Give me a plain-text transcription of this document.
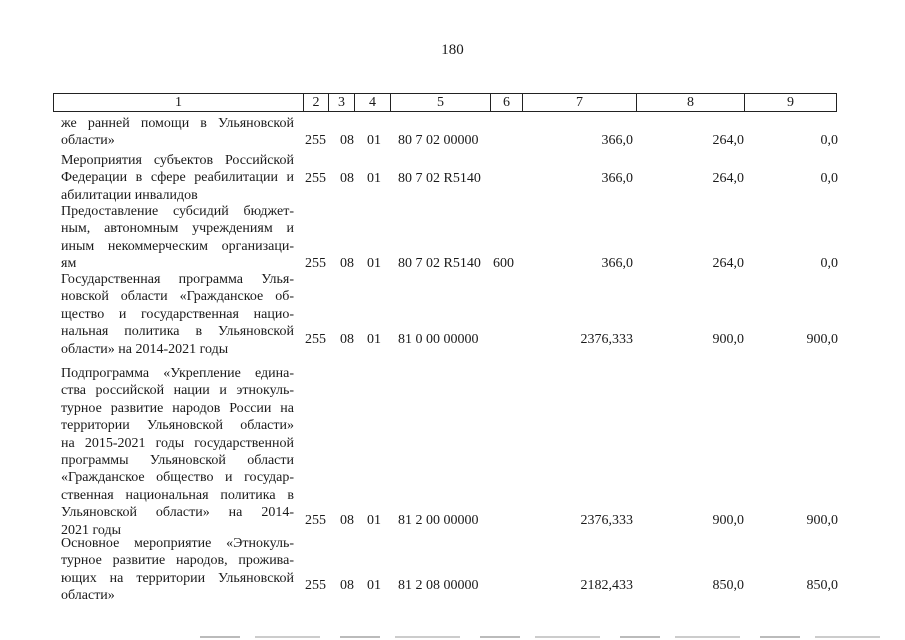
180
1	2	3	4	5	6	7	8	9
же ранней помощи в Ульяновской
области»	255 08 01 80 7 02 00000	366,0	264,0	0,0
Мероприятия субъектов Российской
Федерации в сфере реабилитации и
абилитации инвалидов
255 08 01 80 7 02 R5140	366,0	264,0	0,0
Предоставление субсидий бюджет-
ным, автономным учреждениям и
иным некоммерческим организаци-
ям	255 08 01 80 7 02 R5140 600	366,0	264,0	0,0
Государственная программа Улья-
новской области «Гражданское об-
щество и государственная нацио-
нальная политика в Ульяновской
области» на 2014-2021 годы
255 08 01 81 0 00 00000	2376,333	900,0	900,0
Подпрограмма «Укрепление едина-
ства российской нации и этнокуль-
турное развитие народов России на
территории Ульяновской области»
на 2015-2021 годы государственной
программы Ульяновской области
«Гражданское общество и государ-
ственная национальная политика в
Ульяновской области» на 2014-
2021 годы
255 08 01 81 2 00 00000	2376,333	900,0	900,0
Основное мероприятие «Этнокуль-
турное развитие народов, прожива-
ющих на территории Ульяновской
области»
255 08 01 81 2 08 00000	2182,433	850,0	850,0
